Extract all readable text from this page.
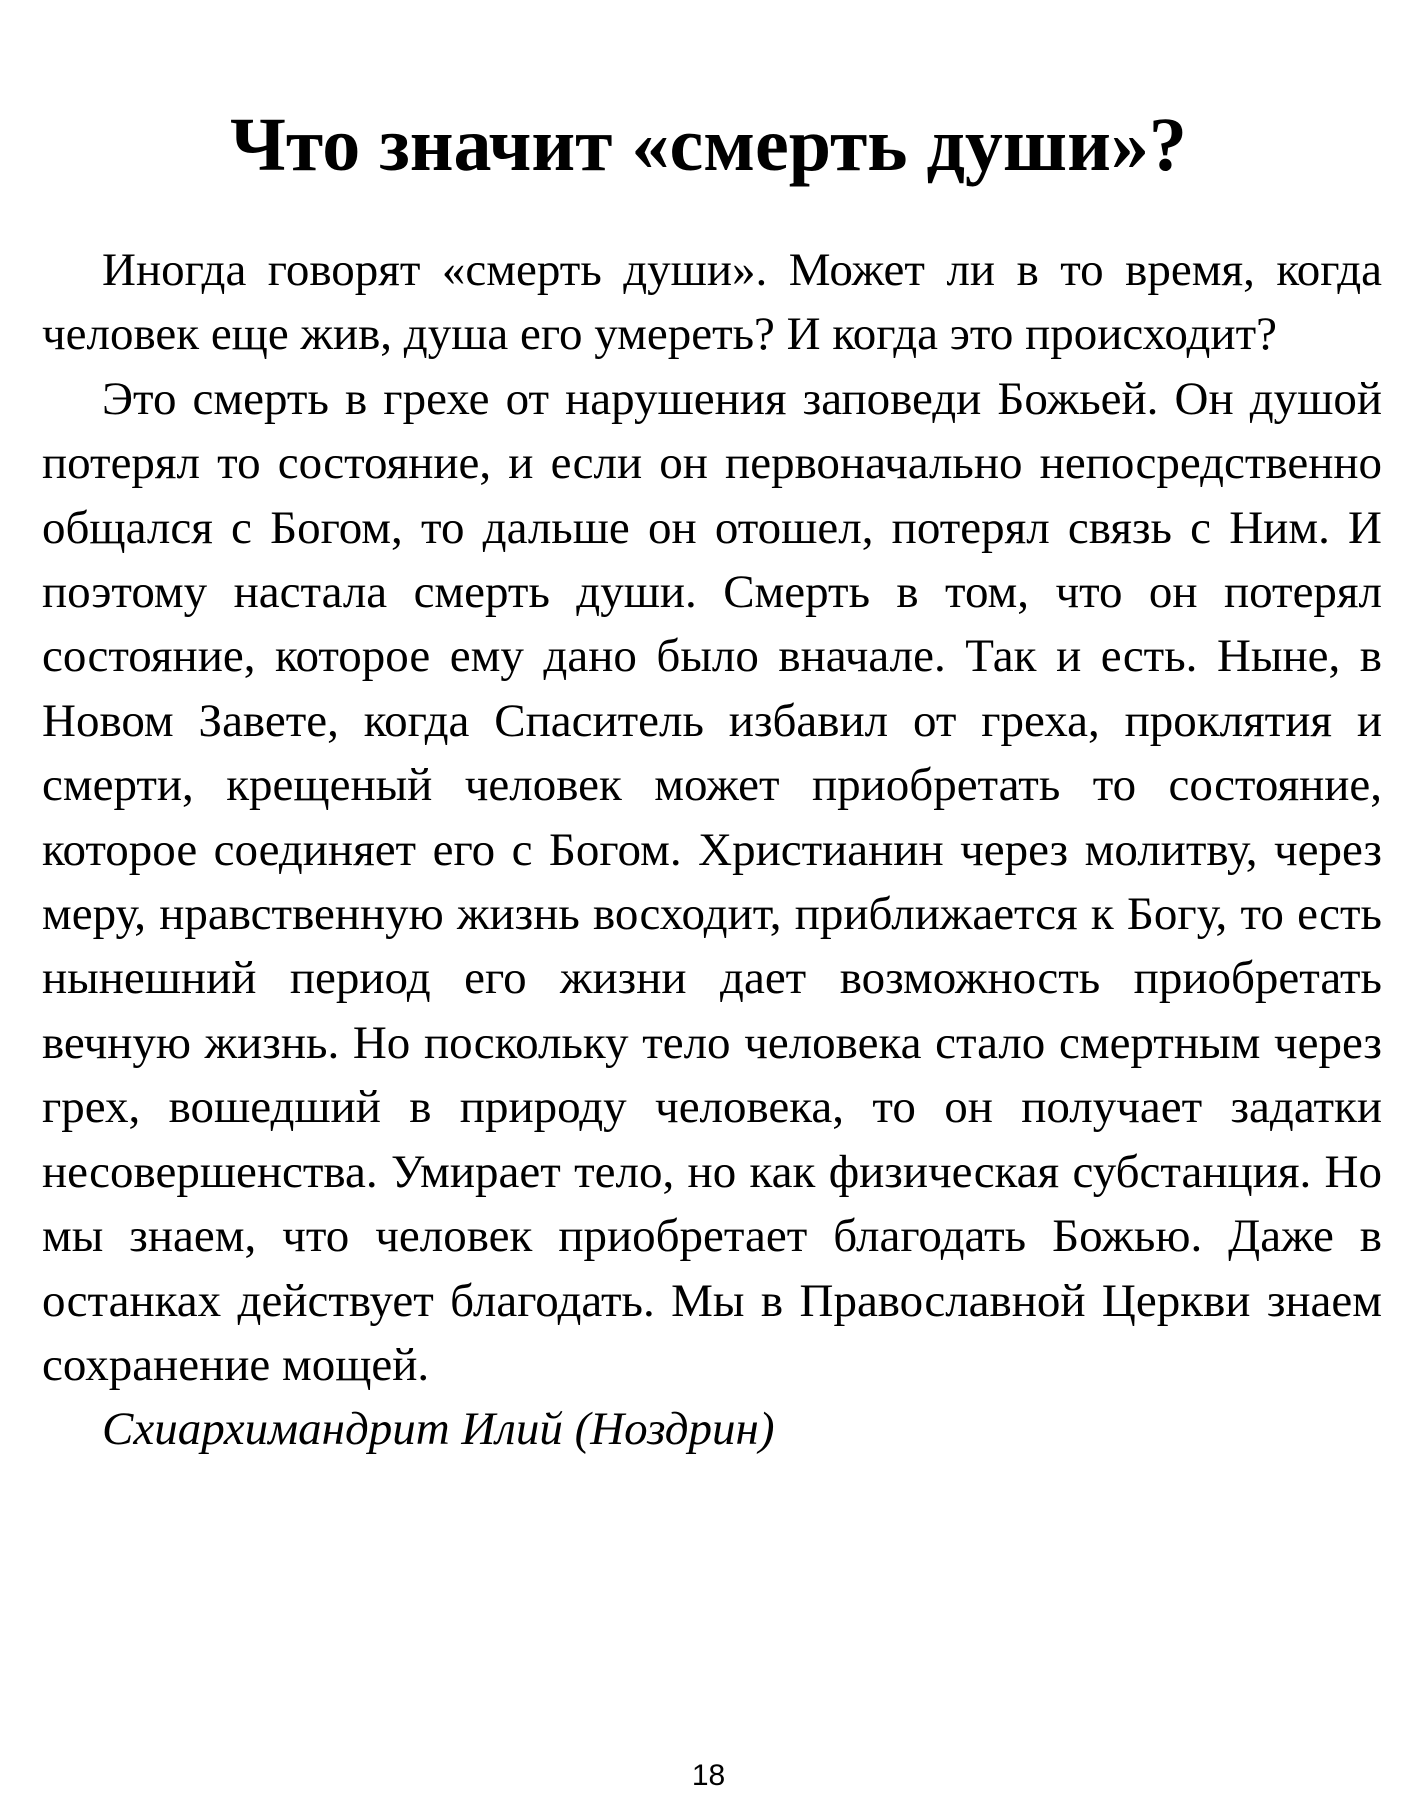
Что значит «смерть души»?

Иногда говорят «смерть души». Может ли в то время, когда человек еще жив, душа его умереть? И когда это происходит?

Это смерть в грехе от нарушения заповеди Божьей. Он душой потерял то состояние, и если он первоначально непосредственно общался с Богом, то дальше он отошел, потерял связь с Ним. И поэтому настала смерть души. Смерть в том, что он потерял состояние, которое ему дано было вначале. Так и есть. Ныне, в Новом Завете, когда Спаситель избавил от греха, проклятия и смерти, крещеный человек может приобретать то состояние, которое соединяет его с Богом. Христианин через молитву, через меру, нравственную жизнь восходит, приближается к Богу, то есть нынешний период его жизни дает возможность приобретать вечную жизнь. Но поскольку тело человека стало смертным через грех, вошедший в природу человека, то он получает задатки несовершенства. Умирает тело, но как физическая субстанция. Но мы знаем, что человек приобретает благодать Божью. Даже в останках действует благодать. Мы в Православной Церкви знаем сохранение мощей.

Схиархимандрит Илий (Ноздрин)

18
